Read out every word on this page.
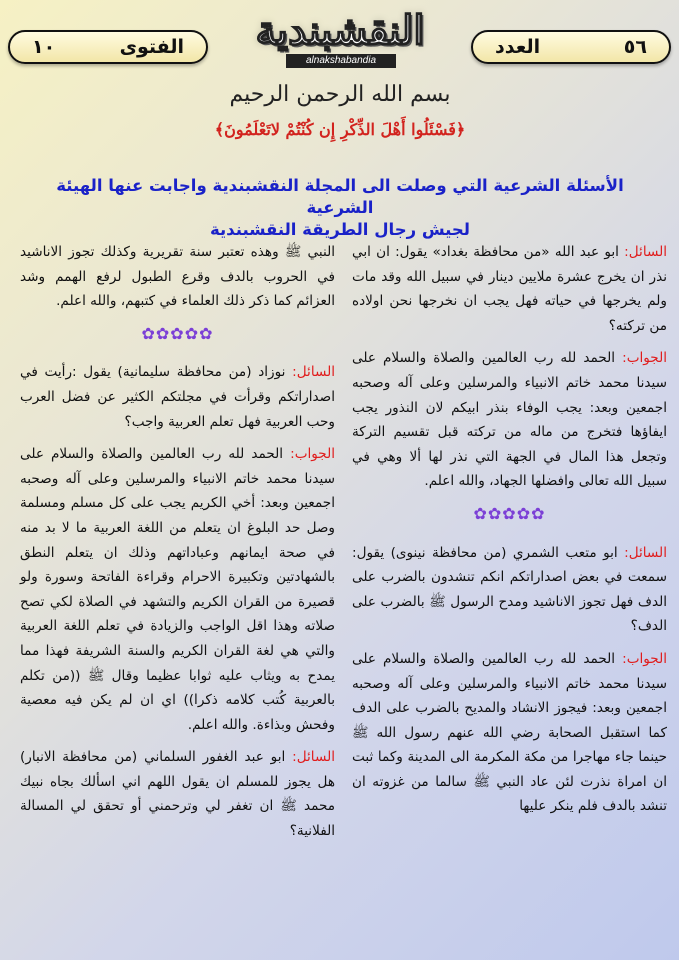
العدد	٥٦
النقشبندية
alnakshabandia
١٠	الفتوى
بسم الله الرحمن الرحيم
﴿فَسْئَلُوا أَهْلَ الذِّكْرِ إِن كُنْتُمْ لاتَعْلَمُونَ﴾
الأسئلة الشرعية التي وصلت الى المجلة النقشبندية واجابت عنها الهيئة الشرعية
لجيش رجال الطريقة النقشبندية

السائل: ابو عبد الله «من محافظة بغداد» يقول: ان ابي نذر ان يخرج عشرة ملايين دينار في سبيل الله وقد مات ولم يخرجها في حياته فهل يجب ان نخرجها نحن اولاده من تركته؟

الجواب: الحمد لله رب العالمين والصلاة والسلام على سيدنا محمد خاتم الانبياء والمرسلين وعلى آله وصحبه اجمعين وبعد: يجب الوفاء بنذر ابيكم لان النذور يجب ايفاؤها فتخرج من ماله من تركته قبل تقسيم التركة وتجعل هذا المال في الجهة التي نذر لها ألا وهي في سبيل الله تعالى وافضلها الجهاد، والله اعلم.

✿✿✿✿✿

السائل: ابو متعب الشمري (من محافظة نينوى) يقول: سمعت في بعض اصداراتكم انكم تنشدون بالضرب على الدف فهل تجوز الاناشيد ومدح الرسول ﷺ بالضرب على الدف؟

الجواب: الحمد لله رب العالمين والصلاة والسلام على سيدنا محمد خاتم الانبياء والمرسلين وعلى آله وصحبه اجمعين وبعد: فيجوز الانشاد والمديح بالضرب على الدف كما استقبل الصحابة رضي الله عنهم رسول الله ﷺ حينما جاء مهاجرا من مكة المكرمة الى المدينة وكما ثبت ان امراة نذرت لئن عاد النبي ﷺ سالما من غزوته ان تنشد بالدف فلم ينكر عليها

النبي ﷺ وهذه تعتبر سنة تقريرية وكذلك تجوز الاناشيد في الحروب بالدف وقرع الطبول لرفع الهمم وشد العزائم كما ذكر ذلك العلماء في كتبهم، والله اعلم.

✿✿✿✿✿

السائل: نوزاد (من محافظة سليمانية) يقول :رأيت في اصداراتكم وقرأت في مجلتكم الكثير عن فضل العرب وحب العربية فهل تعلم العربية واجب؟

الجواب: الحمد لله رب العالمين والصلاة والسلام على سيدنا محمد خاتم الانبياء والمرسلين وعلى آله وصحبه اجمعين وبعد: أخي الكريم يجب على كل مسلم ومسلمة وصل حد البلوغ ان يتعلم من اللغة العربية ما لا بد منه في صحة ايمانهم وعباداتهم وذلك ان يتعلم النطق بالشهادتين وتكبيرة الاحرام وقراءة الفاتحة وسورة ولو قصيرة من القران الكريم والتشهد في الصلاة لكي تصح صلاته وهذا اقل الواجب والزيادة في تعلم اللغة العربية والتي هي لغة القران الكريم والسنة الشريفة فهذا مما يمدح به ويثاب عليه ثوابا عظيما وقال ﷺ ((من تكلم بالعربية كُتب كلامه ذكرا)) اي ان لم يكن فيه معصية وفحش وبذاءة. والله اعلم.

السائل: ابو عبد الغفور السلماني (من محافظة الانبار) هل يجوز للمسلم ان يقول اللهم اني اسألك بجاه نبيك محمد ﷺ ان تغفر لي وترحمني أو تحقق لي المسالة الفلانية؟
